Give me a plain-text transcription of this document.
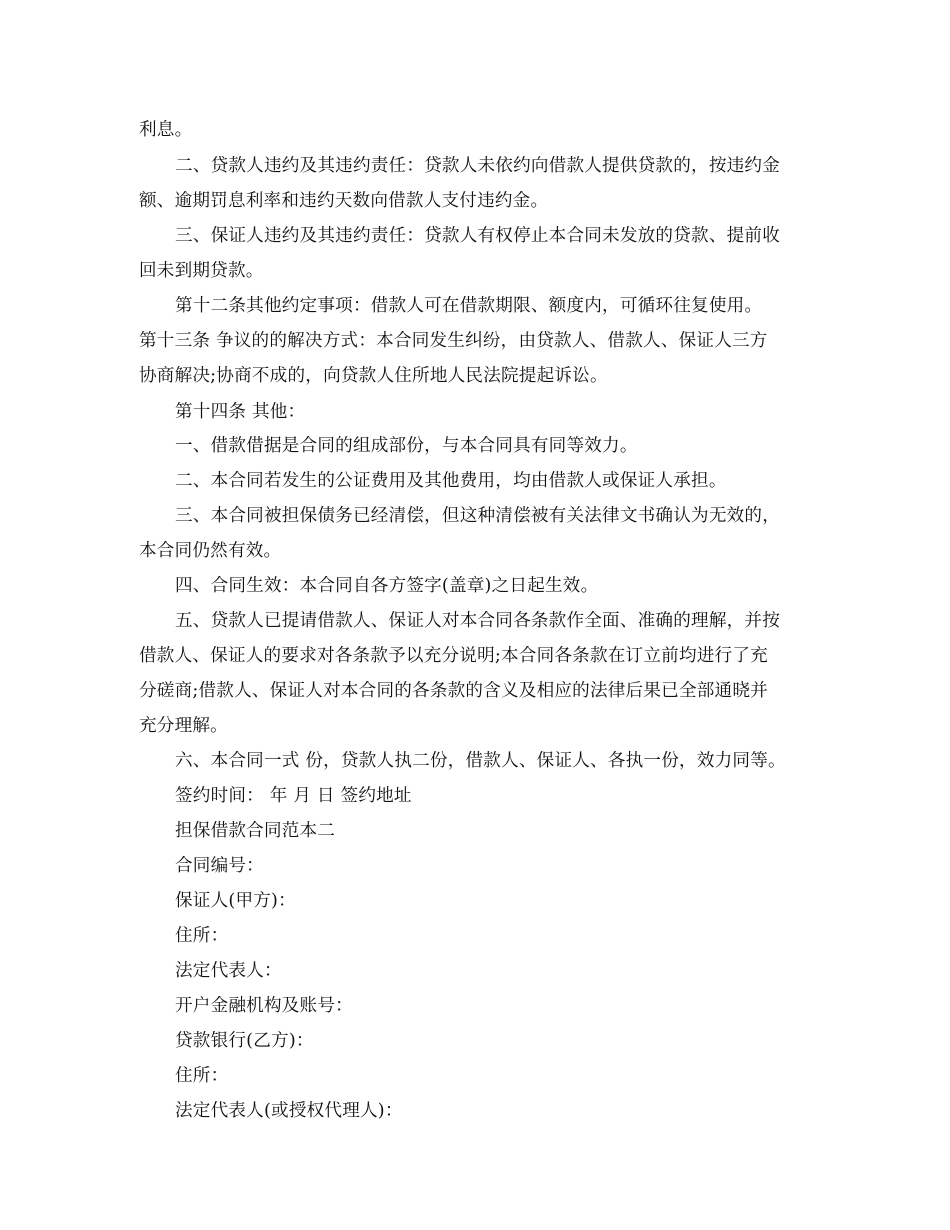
利息。
二、贷款人违约及其违约责任：贷款人未依约向借款人提供贷款的，按违约金
额、逾期罚息利率和违约天数向借款人支付违约金。
三、保证人违约及其违约责任：贷款人有权停止本合同未发放的贷款、提前收
回未到期贷款。
第十二条其他约定事项：借款人可在借款期限、额度内，可循环往复使用。
第十三条 争议的的解决方式：本合同发生纠纷，由贷款人、借款人、保证人三方
协商解决;协商不成的，向贷款人住所地人民法院提起诉讼。
第十四条 其他：
一、借款借据是合同的组成部份，与本合同具有同等效力。
二、本合同若发生的公证费用及其他费用，均由借款人或保证人承担。
三、本合同被担保债务已经清偿，但这种清偿被有关法律文书确认为无效的，
本合同仍然有效。
四、合同生效：本合同自各方签字(盖章)之日起生效。
五、贷款人已提请借款人、保证人对本合同各条款作全面、准确的理解，并按
借款人、保证人的要求对各条款予以充分说明;本合同各条款在订立前均进行了充
分磋商;借款人、保证人对本合同的各条款的含义及相应的法律后果已全部通晓并
充分理解。
六、本合同一式 份，贷款人执二份，借款人、保证人、各执一份，效力同等。
签约时间： 年 月 日 签约地址
担保借款合同范本二
合同编号：
保证人(甲方)：
住所：
法定代表人：
开户金融机构及账号：
贷款银行(乙方)：
住所：
法定代表人(或授权代理人)：
